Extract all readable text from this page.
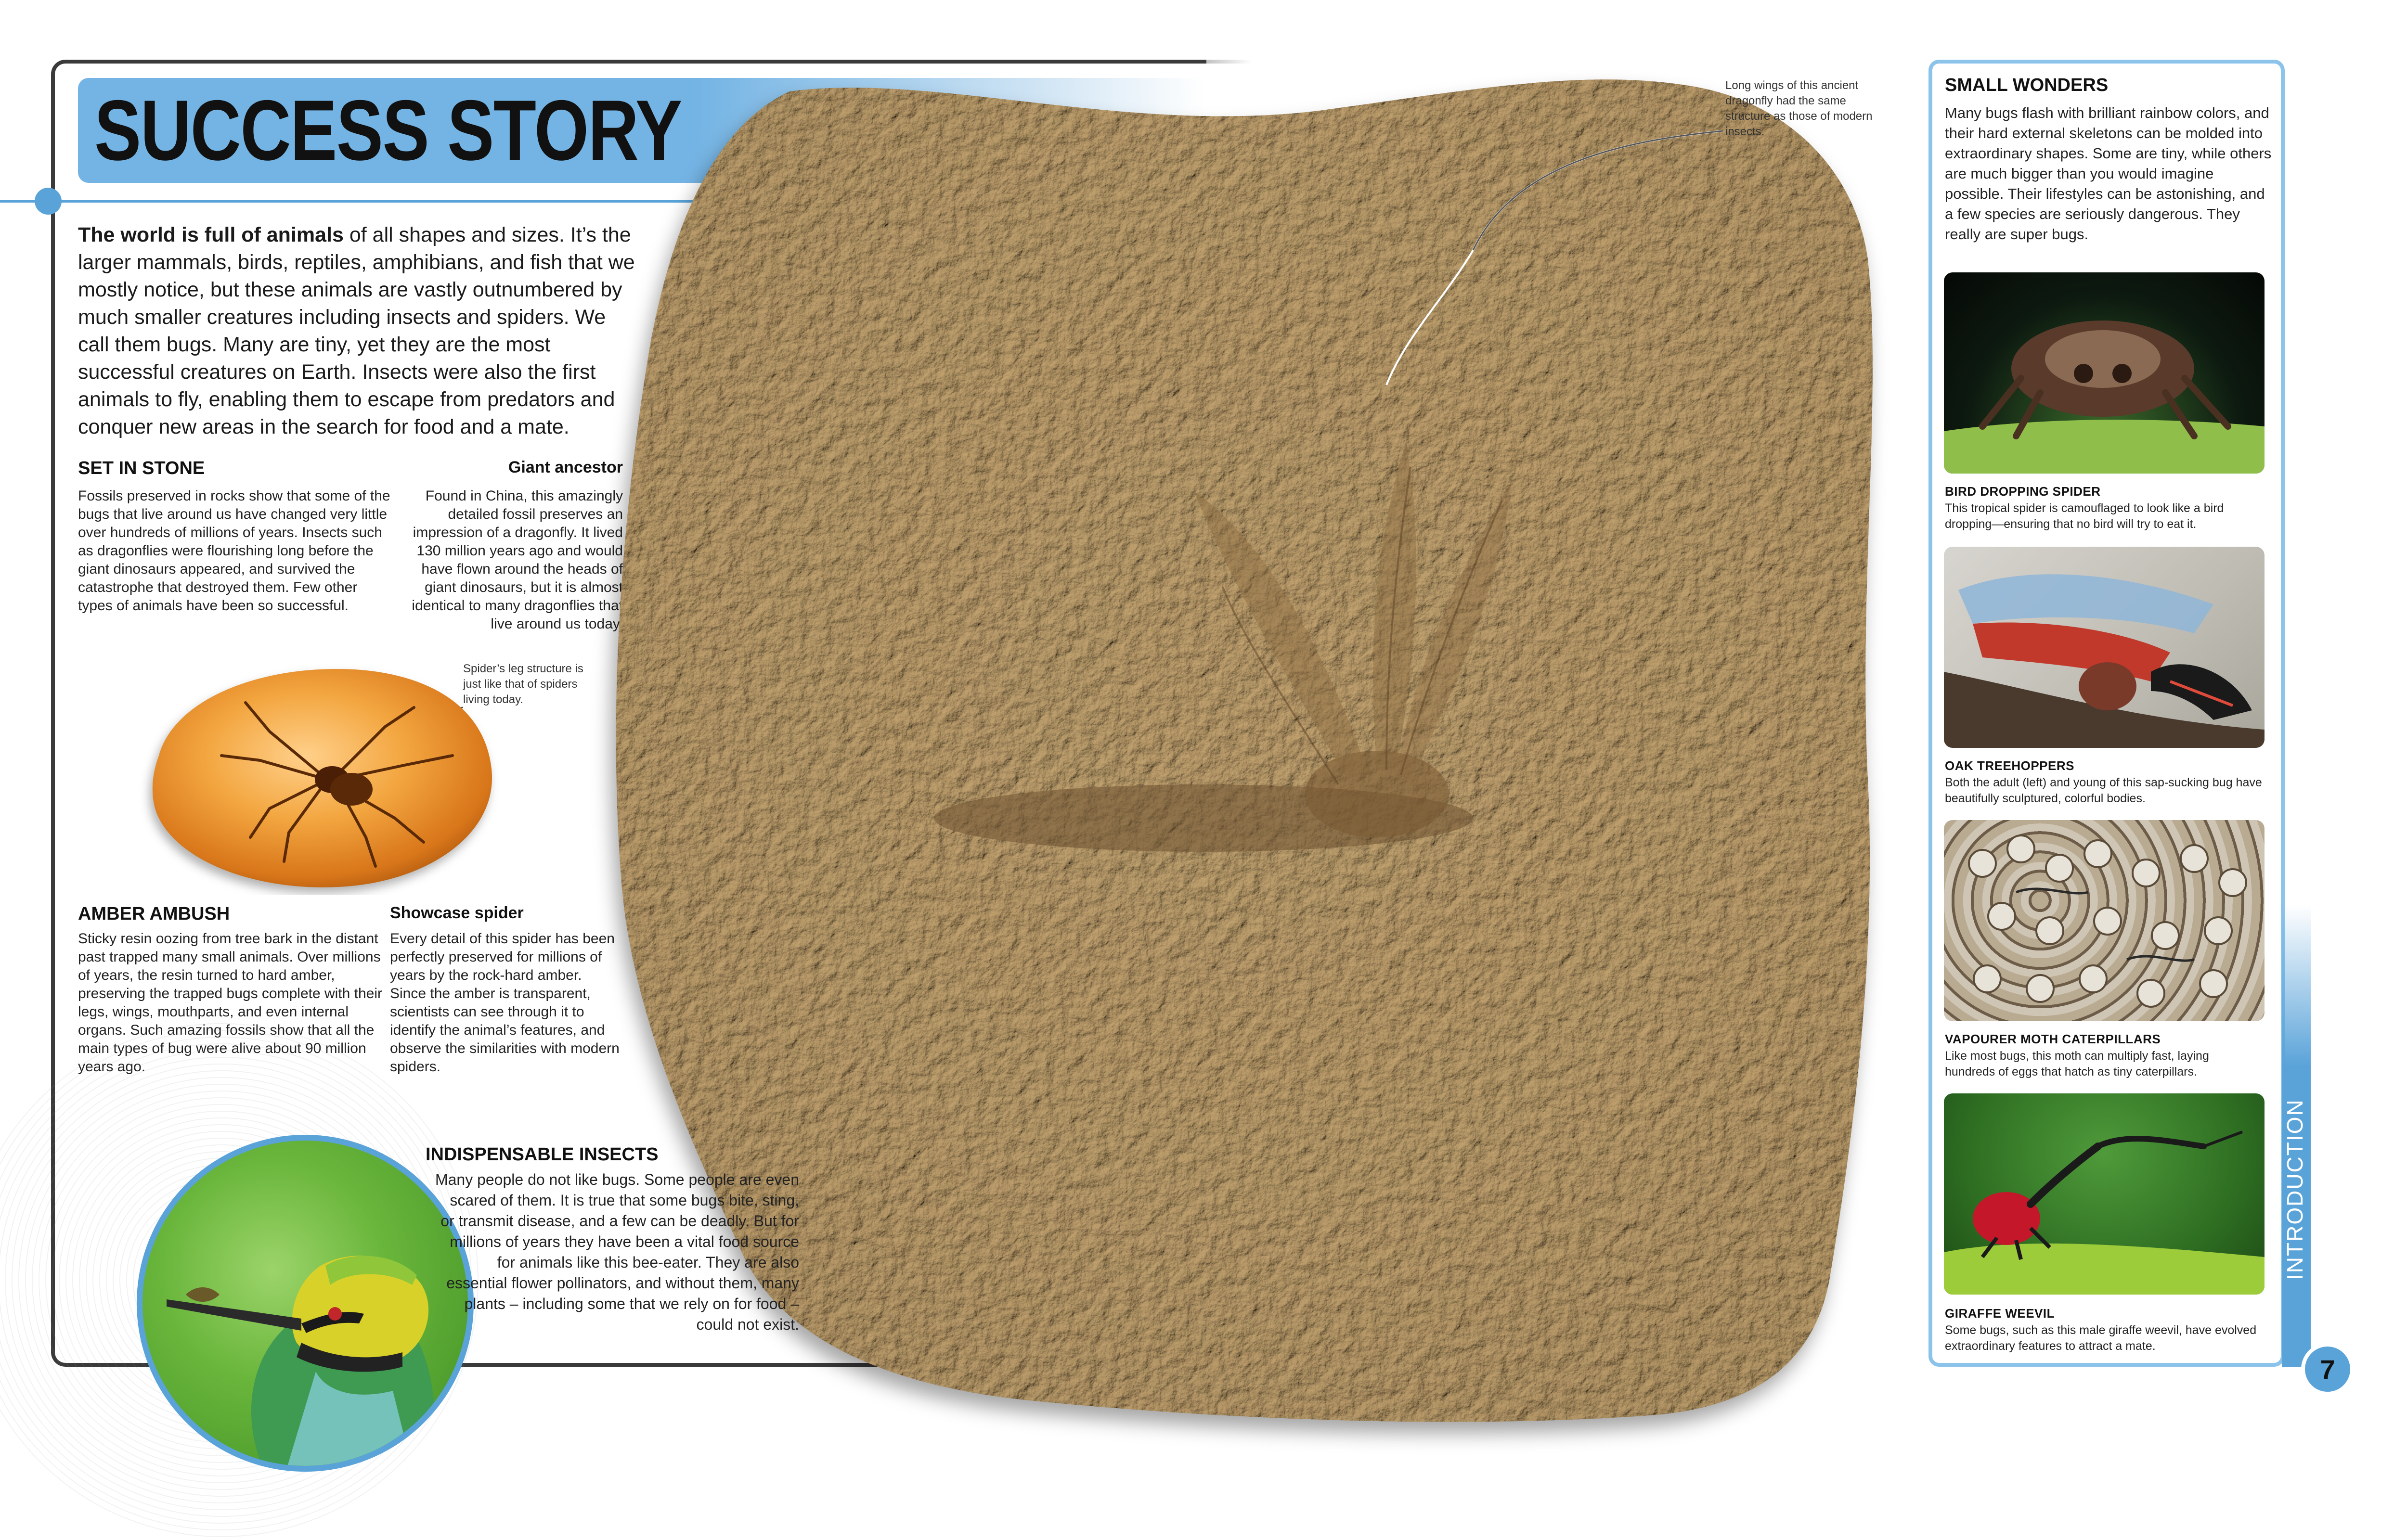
SUCCESS STORY
The world is full of animals of all shapes and sizes. It’s the larger mammals, birds, reptiles, amphibians, and fish that we mostly notice, but these animals are vastly outnumbered by much smaller creatures including insects and spiders. We call them bugs. Many are tiny, yet they are the most successful creatures on Earth. Insects were also the first animals to fly, enabling them to escape from predators and conquer new areas in the search for food and a mate.
SET IN STONE
Fossils preserved in rocks show that some of the bugs that live around us have changed very little over hundreds of millions of years. Insects such as dragonflies were flourishing long before the giant dinosaurs appeared, and survived the catastrophe that destroyed them. Few other types of animals have been so successful.
Giant ancestor
Found in China, this amazingly detailed fossil preserves an impression of a dragonfly. It lived 130 million years ago and would have flown around the heads of giant dinosaurs, but it is almost identical to many dragonflies that live around us today.
Long wings of this ancient dragonfly had the same structure as those of modern insects.
Spider’s leg structure is just like that of spiders living today.
AMBER AMBUSH
Sticky resin oozing from tree bark in the distant past trapped many small animals. Over millions of years, the resin turned to hard amber, preserving the trapped bugs complete with their legs, wings, mouthparts, and even internal organs. Such that all the main million
Showcase spider
Every detail of this spider has been perfectly preserved for millions of years by the rock-hard amber. Since the amber is transparent, scientists can see through it to identify the animal’s features, and observe the similarities with modern spiders.
INDISPENSABLE INSECTS
Many people do not like bugs. Some people are even scared of them. It is true that some bugs bite, sting, or transmit disease, and a few can be deadly. But for millions of years they have been a vital food source for animals like this bee-eater. They are also essential flower pollinators, and without them, many plants – including some that we rely on for food – could not exist.
7
SMALL WONDERS
Many bugs flash with brilliant rainbow colors, and their hard external skeletons can be molded into extraordinary shapes. Some are tiny, while others are much bigger than you would imagine possible. Their lifestyles can be astonishing, and a few species are seriously dangerous. They really are super bugs.
BIRD DROPPING SPIDER
This tropical spider is camouflaged to look like a bird dropping—ensuring that no bird will try to eat it.
OAK TREEHOPPERS
Both the adult (left) and young of this sap-sucking bug have beautifully sculptured, colorful bodies.
VAPOURER MOTH CATERPILLARS
Like most bugs, this moth can multiply fast, laying hundreds of eggs that hatch as tiny caterpillars.
GIRAFFE WEEVIL
Some bugs, such as this male giraffe weevil, have evolved extraordinary features to attract a mate.
